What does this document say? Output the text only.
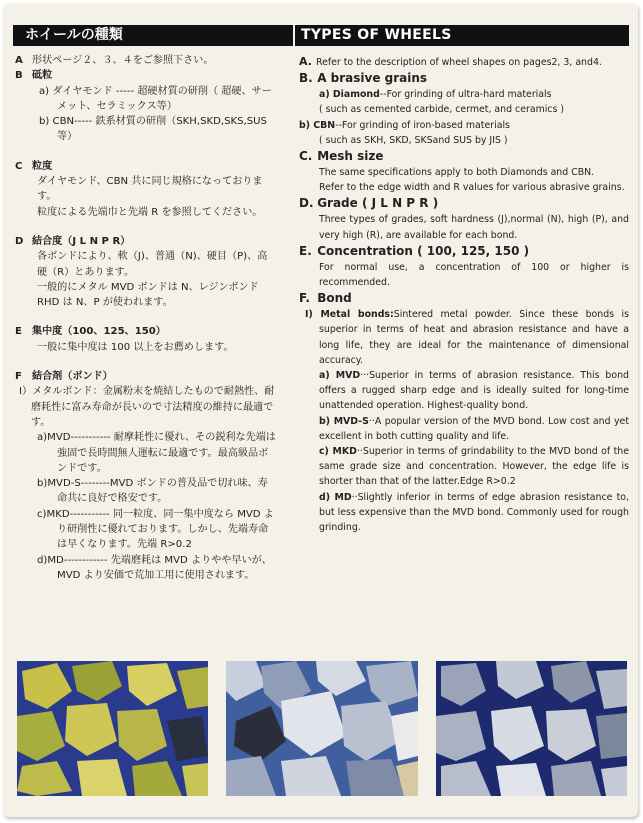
ホイールの種類	TYPES OF WHEELS
A 形状ページ２、３、４をご参照下さい。
B 砥粒
a) ダイヤモンド ----- 超硬材質の研削（ 超硬、サーメット、セラミックス等）
b) CBN----- 鉄系材質の研削（SKH,SKD,SKS,SUS等）
C 粒度
ダイヤモンド、CBN 共に同じ規格になっております。
粒度による先端巾と先端 R を参照してください。
D 結合度（J L N P R）
各ボンドにより、軟（J)、普通（N)、硬目（P)、高硬（R）とあります。
一般的にメタル MVD ボンドは N、レジンボンド RHD は N、P が使われます。
E 集中度（100、125、150）
一般に集中度は 100 以上をお薦めします。
F 結合剤（ボンド）
I）メタルボンド：金属粉末を焼結したもので耐熱性、耐磨耗性に富み寿命が長いので寸法精度の維持に最適です。
a)MVD----------- 耐摩耗性に優れ、その鋭利な先端は強固で長時間無人運転に最適です。最高級品ボンドです。
b)MVD-S--------MVD ボンドの普及品で切れ味、寿命共に良好で格安です。
c)MKD----------- 同一粒度、同一集中度なら MVD より研削性に優れております。しかし、先端寿命は早くなります。先端 R>0.2
d)MD------------ 先端磨耗は MVD よりやや早いが、MVD より安価で荒加工用に使用されます。
A. Refer to the description of wheel shapes on pages2, 3, and4.
B. A brasive grains
a) Diamond--For grinding of ultra-hard materials
( such as cemented carbide, cermet, and ceramics )
b) CBN--For grinding of iron-based materials
( such as SKH, SKD, SKSand SUS by JIS )
C. Mesh size
The same specifications apply to both Diamonds and CBN.
Refer to the edge width and R values for various abrasive grains.
D. Grade ( J L N P R )
Three types of grades, soft hardness (J),normal (N), high (P), and very high (R), are available for each bond.
E. Concentration ( 100, 125, 150 )
For normal use, a concentration of 100 or higher is recommended.
F. Bond
I) Metal bonds:Sintered metal powder. Since these bonds is superior in terms of heat and abrasion resistance and have a long life, they are ideal for the maintenance of dimensional accuracy.
a) MVD···Superior in terms of abrasion resistance. This bond offers a rugged sharp edge and is ideally suited for long-time unattended operation. Highest-quality bond.
b) MVD-S··A popular version of the MVD bond. Low cost and yet excellent in both cutting quality and life.
c) MKD··Superior in terms of grindability to the MVD bond of the same grade size and concentration. However, the edge life is shorter than that of the latter.Edge R>0.2
d) MD··Slightly inferior in terms of edge abrasion resistance to, but less expensive than the MVD bond. Commonly used for rough grinding.
